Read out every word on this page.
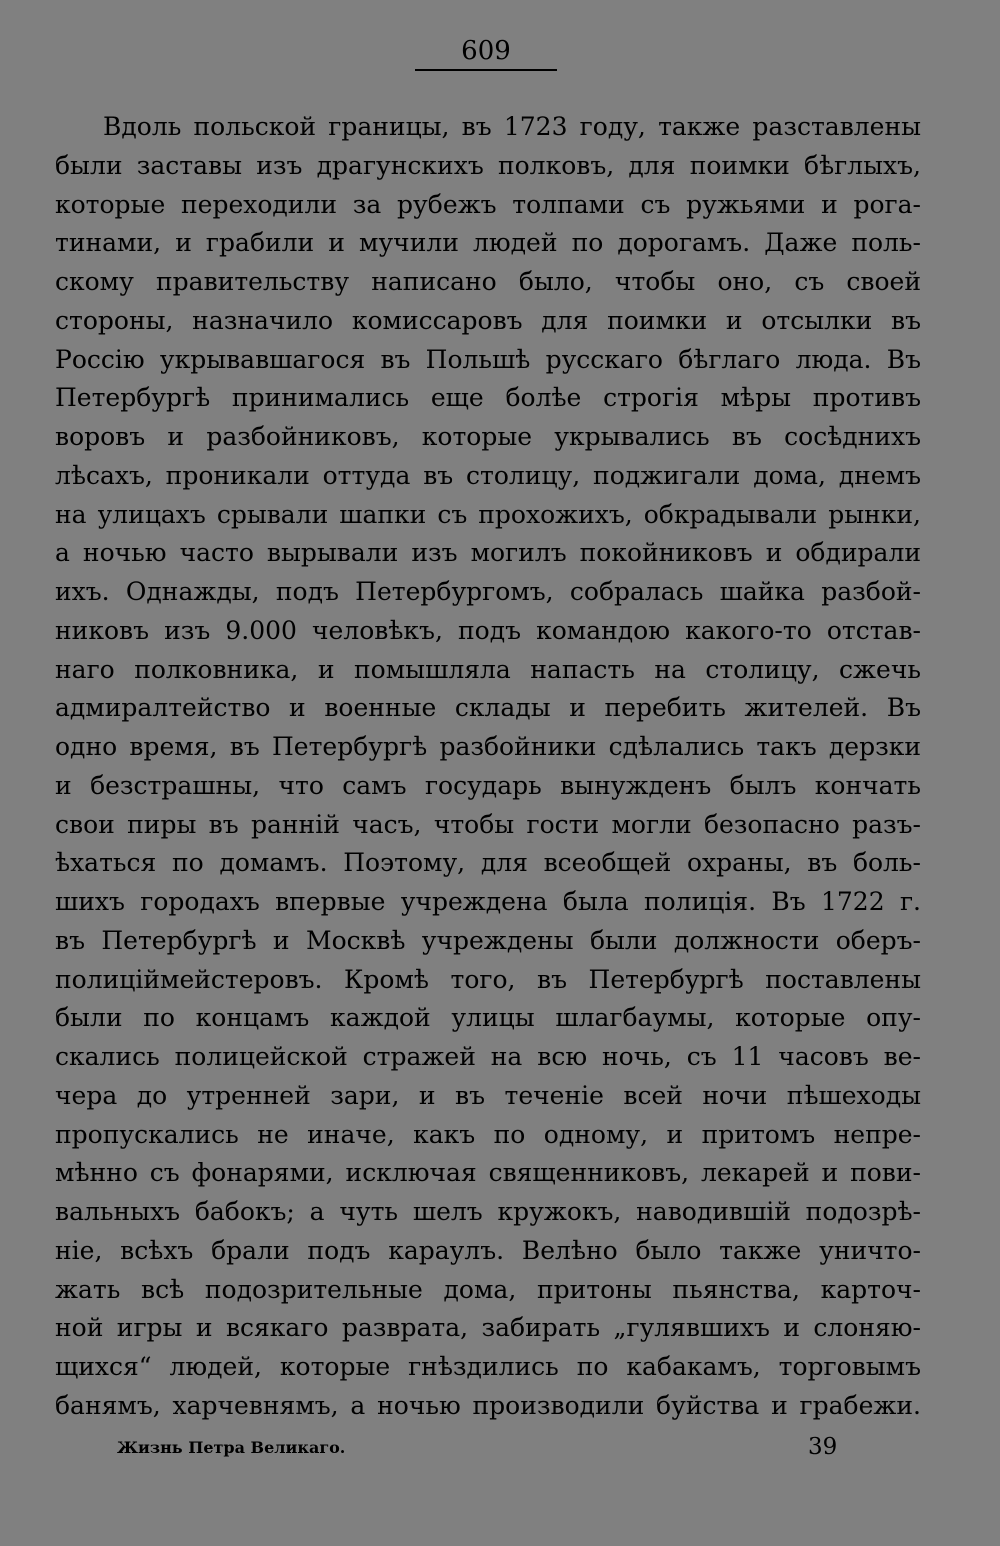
609
Вдоль польской границы, въ 1723 году, также разставлены
были заставы изъ драгунскихъ полковъ, для поимки бѣглыхъ,
которые переходили за рубежъ толпами съ ружьями и рога-
тинами, и грабили и мучили людей по дорогамъ. Даже поль-
скому правительству написано было, чтобы оно, съ своей
стороны, назначило комиссаровъ для поимки и отсылки въ
Россію укрывавшагося въ Польшѣ русскаго бѣглаго люда. Въ
Петербургѣ принимались еще болѣе строгія мѣры противъ
воровъ и разбойниковъ, которые укрывались въ сосѣднихъ
лѣсахъ, проникали оттуда въ столицу, поджигали дома, днемъ
на улицахъ срывали шапки съ прохожихъ, обкрадывали рынки,
а ночью часто вырывали изъ могилъ покойниковъ и обдирали
ихъ. Однажды, подъ Петербургомъ, собралась шайка разбой-
никовъ изъ 9.000 человѣкъ, подъ командою какого-то отстав-
наго полковника, и помышляла напасть на столицу, сжечь
адмиралтейство и военные склады и перебить жителей. Въ
одно время, въ Петербургѣ разбойники сдѣлались такъ дерзки
и безстрашны, что самъ государь вынужденъ былъ кончать
свои пиры въ раннiй часъ, чтобы гости могли безопасно разъ-
ѣхаться по домамъ. Поэтому, для всеобщей охраны, въ боль-
шихъ городахъ впервые учреждена была полиція. Въ 1722 г.
въ Петербургѣ и Москвѣ учреждены были должности оберъ-
полиціймейстеровъ. Кромѣ того, въ Петербургѣ поставлены
были по концамъ каждой улицы шлагбаумы, которые опу-
скались полицейской стражей на всю ночь, съ 11 часовъ ве-
чера до утренней зари, и въ теченіе всей ночи пѣшеходы
пропускались не иначе, какъ по одному, и притомъ непре-
мѣнно съ фонарями, исключая священниковъ, лекарей и пови-
вальныхъ бабокъ; а чуть шелъ кружокъ, наводившій подозрѣ-
ніе, всѣхъ брали подъ караулъ. Велѣно было также уничто-
жать всѣ подозрительные дома, притоны пьянства, карточ-
ной игры и всякаго разврата, забирать „гулявшихъ и слоняю-
щихся“ людей, которые гнѣздились по кабакамъ, торговымъ
банямъ, харчевнямъ, а ночью производили буйства и грабежи.
Жизнь Петра Великаго.	39
